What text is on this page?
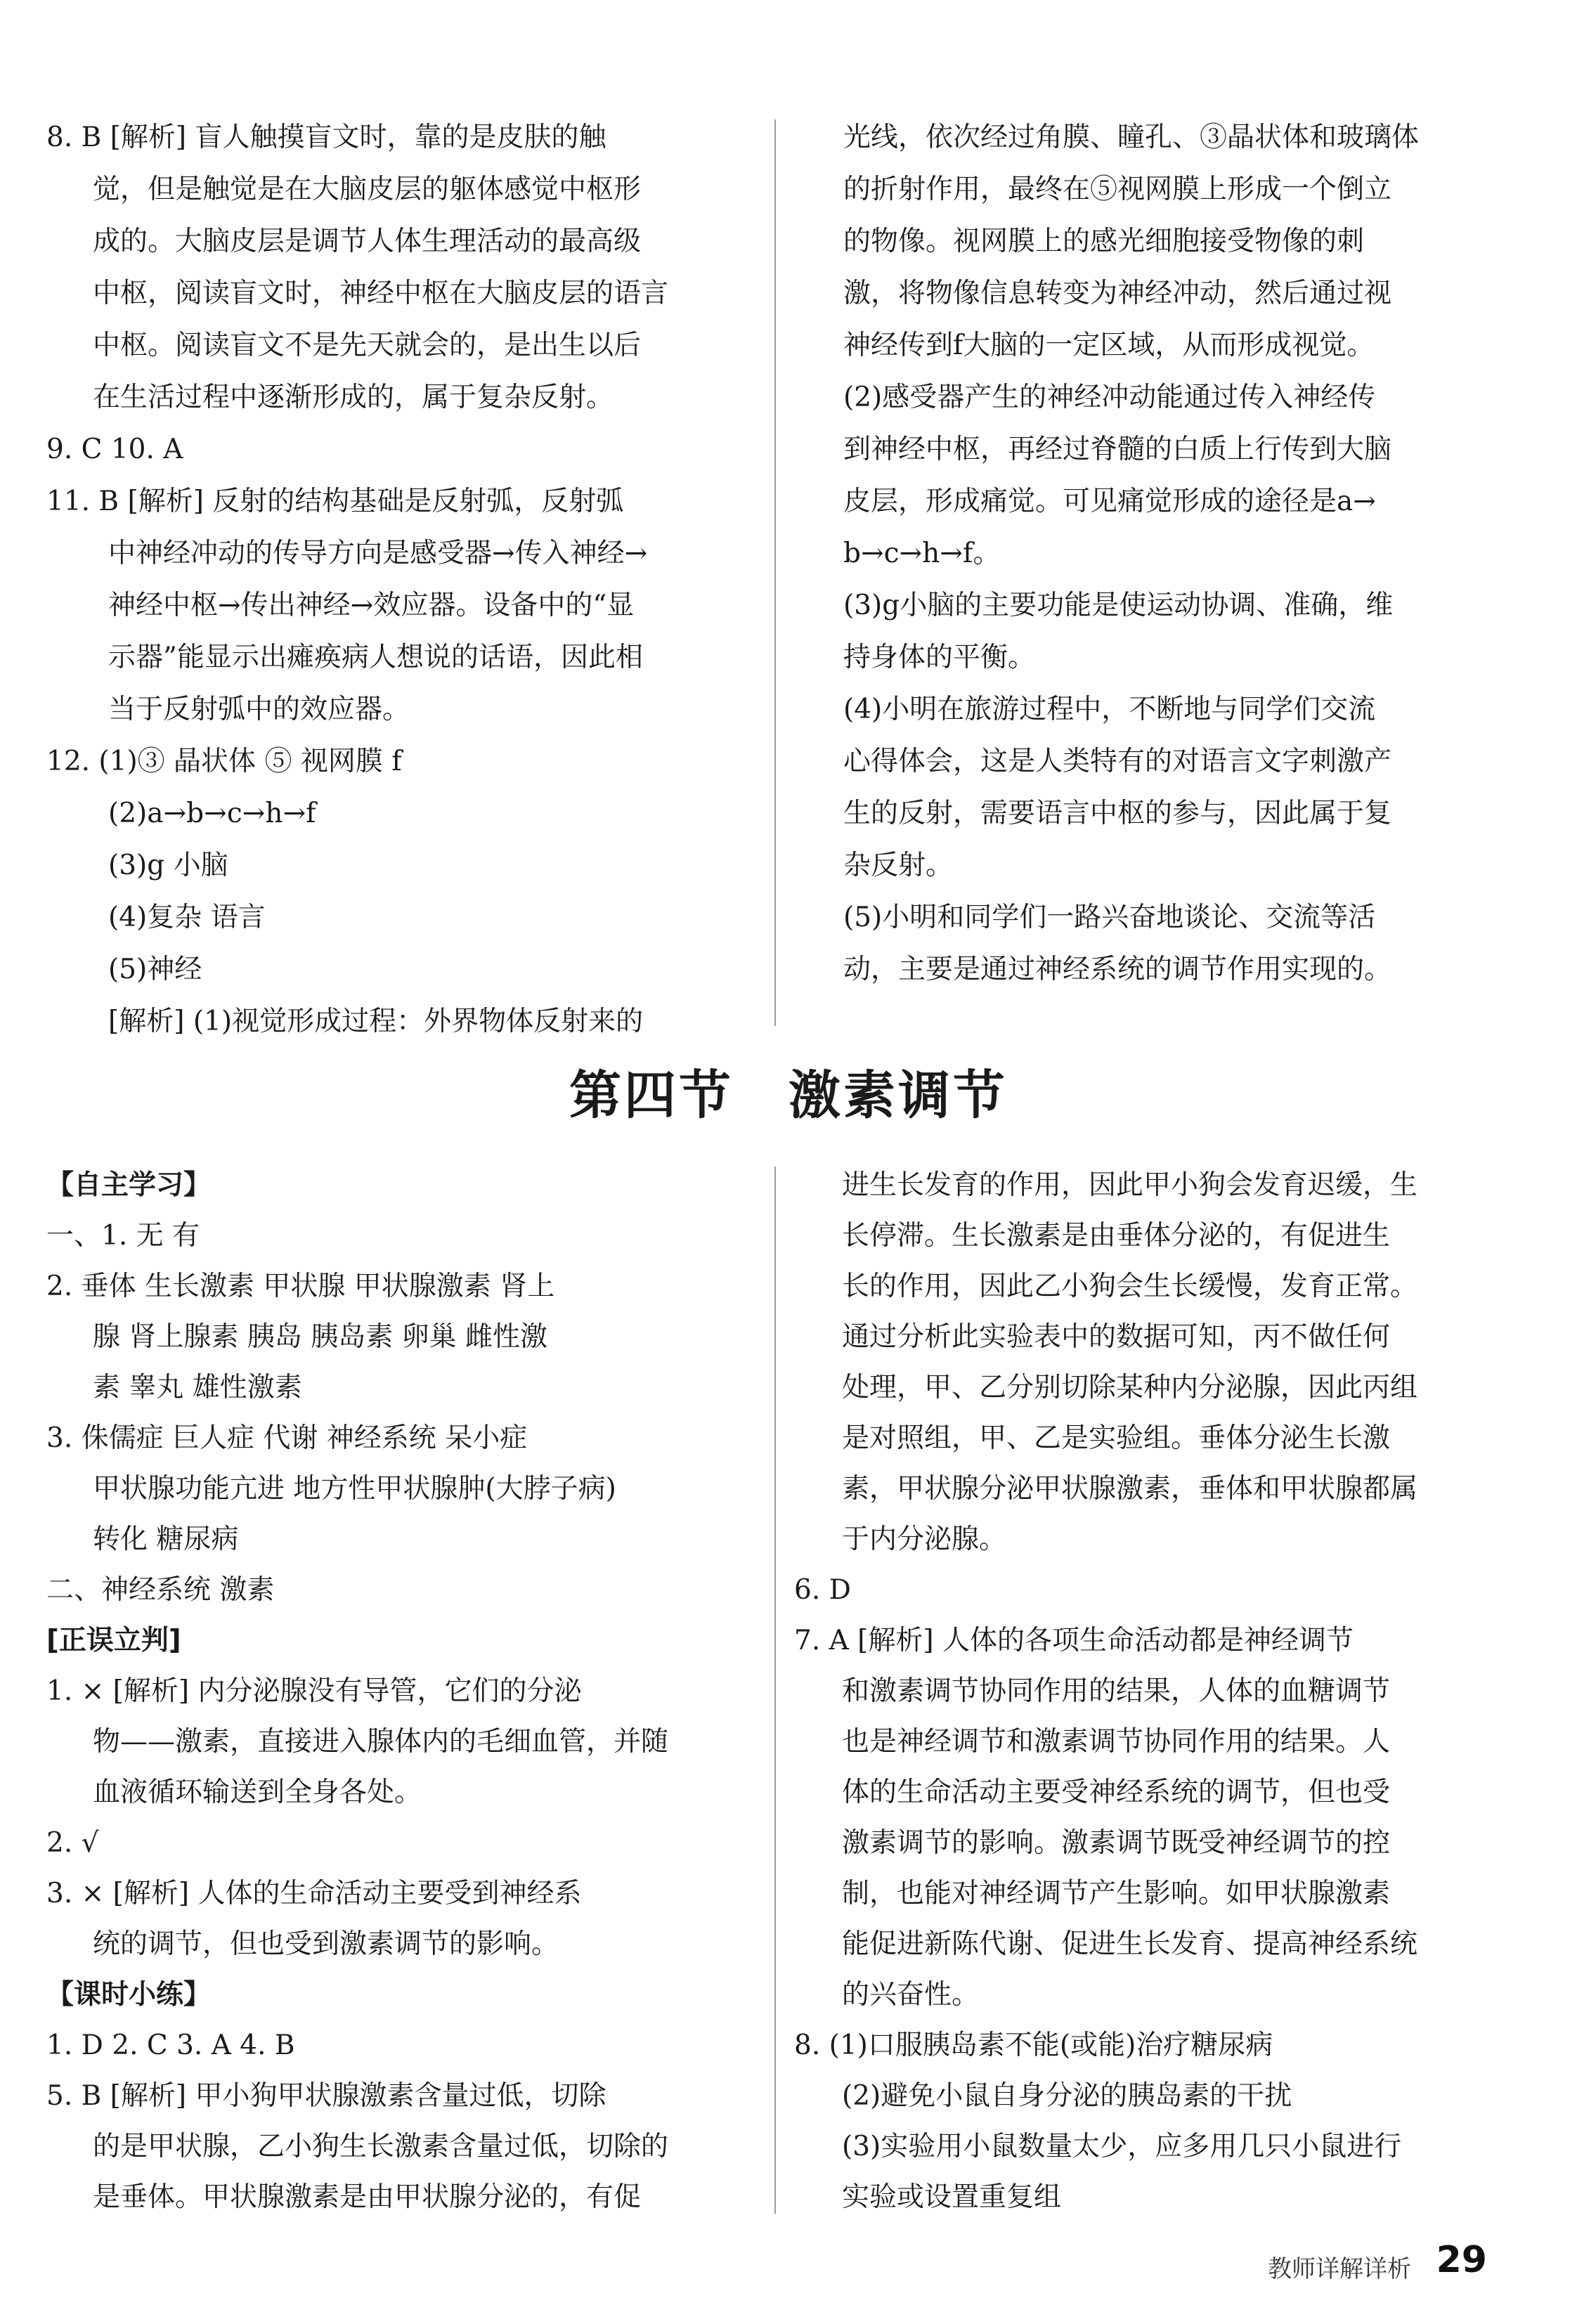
8. B [解析] 盲人触摸盲文时，靠的是皮肤的触

觉，但是触觉是在大脑皮层的躯体感觉中枢形

成的。大脑皮层是调节人体生理活动的最高级

中枢，阅读盲文时，神经中枢在大脑皮层的语言

中枢。阅读盲文不是先天就会的，是出生以后

在生活过程中逐渐形成的，属于复杂反射。

9. C 10. A

11. B [解析] 反射的结构基础是反射弧，反射弧

中神经冲动的传导方向是感受器→传入神经→

神经中枢→传出神经→效应器。设备中的“显

示器”能显示出瘫痪病人想说的话语，因此相

当于反射弧中的效应器。

12. (1)③ 晶状体 ⑤ 视网膜 f

(2)a→b→c→h→f

(3)g 小脑

(4)复杂 语言

(5)神经

[解析] (1)视觉形成过程：外界物体反射来的

光线，依次经过角膜、瞳孔、③晶状体和玻璃体

的折射作用，最终在⑤视网膜上形成一个倒立

的物像。视网膜上的感光细胞接受物像的刺

激，将物像信息转变为神经冲动，然后通过视

神经传到f大脑的一定区域，从而形成视觉。

(2)感受器产生的神经冲动能通过传入神经传

到神经中枢，再经过脊髓的白质上行传到大脑

皮层，形成痛觉。可见痛觉形成的途径是a→

b→c→h→f。

(3)g小脑的主要功能是使运动协调、准确，维

持身体的平衡。

(4)小明在旅游过程中，不断地与同学们交流

心得体会，这是人类特有的对语言文字刺激产

生的反射，需要语言中枢的参与，因此属于复

杂反射。

(5)小明和同学们一路兴奋地谈论、交流等活

动，主要是通过神经系统的调节作用实现的。

第四节　激素调节

【自主学习】

一、1. 无 有

2. 垂体 生长激素 甲状腺 甲状腺激素 肾上

腺 肾上腺素 胰岛 胰岛素 卵巢 雌性激

素 睾丸 雄性激素

3. 侏儒症 巨人症 代谢 神经系统 呆小症

甲状腺功能亢进 地方性甲状腺肿(大脖子病)

转化 糖尿病

二、神经系统 激素

[正误立判]

1. × [解析] 内分泌腺没有导管，它们的分泌

物——激素，直接进入腺体内的毛细血管，并随

血液循环输送到全身各处。

2. √

3. × [解析] 人体的生命活动主要受到神经系

统的调节，但也受到激素调节的影响。

【课时小练】

1. D 2. C 3. A 4. B

5. B [解析] 甲小狗甲状腺激素含量过低，切除

的是甲状腺，乙小狗生长激素含量过低，切除的

是垂体。甲状腺激素是由甲状腺分泌的，有促

进生长发育的作用，因此甲小狗会发育迟缓，生

长停滞。生长激素是由垂体分泌的，有促进生

长的作用，因此乙小狗会生长缓慢，发育正常。

通过分析此实验表中的数据可知，丙不做任何

处理，甲、乙分别切除某种内分泌腺，因此丙组

是对照组，甲、乙是实验组。垂体分泌生长激

素，甲状腺分泌甲状腺激素，垂体和甲状腺都属

于内分泌腺。

6. D

7. A [解析] 人体的各项生命活动都是神经调节

和激素调节协同作用的结果，人体的血糖调节

也是神经调节和激素调节协同作用的结果。人

体的生命活动主要受神经系统的调节，但也受

激素调节的影响。激素调节既受神经调节的控

制，也能对神经调节产生影响。如甲状腺激素

能促进新陈代谢、促进生长发育、提高神经系统

的兴奋性。

8. (1)口服胰岛素不能(或能)治疗糖尿病

(2)避免小鼠自身分泌的胰岛素的干扰

(3)实验用小鼠数量太少，应多用几只小鼠进行

实验或设置重复组

教师详解详析 29
